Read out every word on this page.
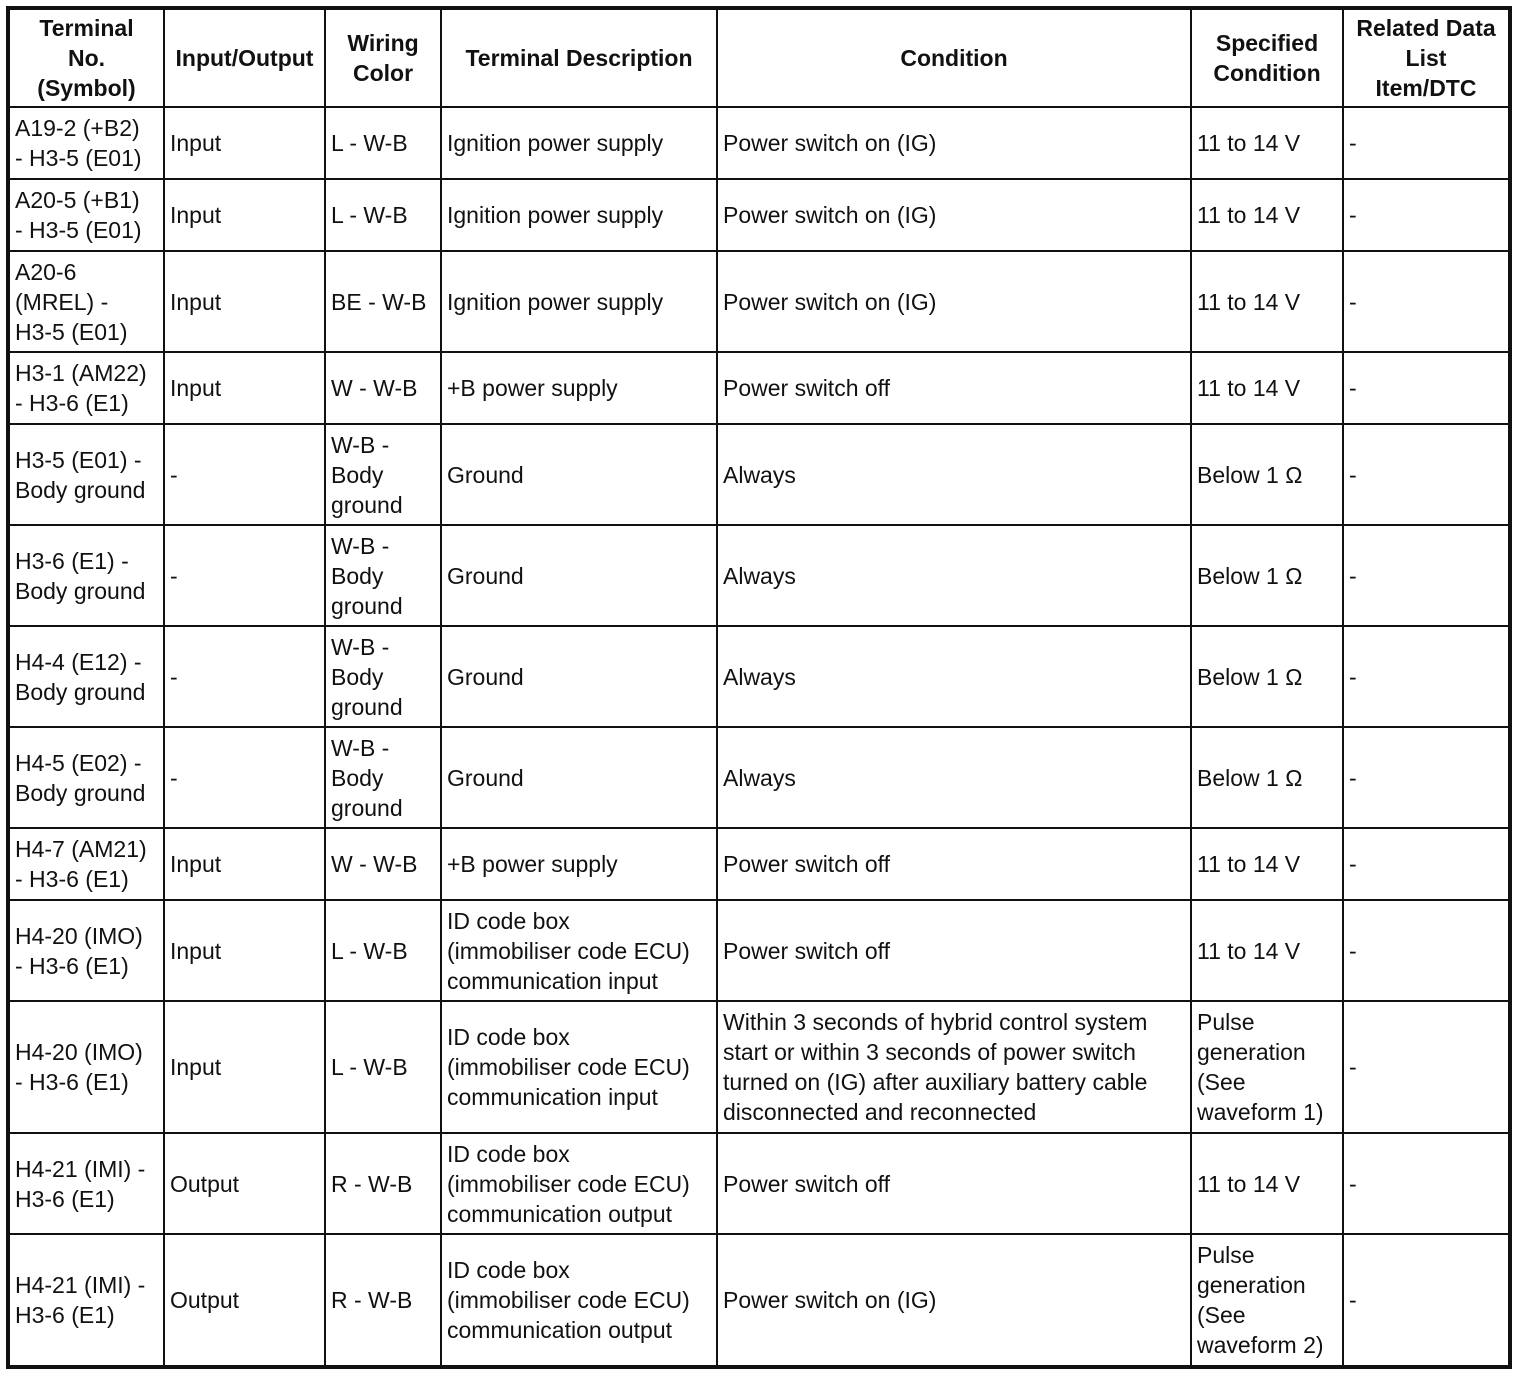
Terminal
No.
(Symbol)	Input/Output	Wiring
Color	Terminal Description	Condition	Specified
Condition	Related Data
List
Item/DTC
A19-2 (+B2)
- H3-5 (E01)	Input	L - W-B	Ignition power supply	Power switch on (IG)	11 to 14 V	-
A20-5 (+B1)
- H3-5 (E01)	Input	L - W-B	Ignition power supply	Power switch on (IG)	11 to 14 V	-
A20-6
(MREL) -
H3-5 (E01)	Input	BE - W-B	Ignition power supply	Power switch on (IG)	11 to 14 V	-
H3-1 (AM22)
- H3-6 (E1)	Input	W - W-B	+B power supply	Power switch off	11 to 14 V	-
H3-5 (E01) -
Body ground	-	W-B -
Body
ground	Ground	Always	Below 1 Ω	-
H3-6 (E1) -
Body ground	-	W-B -
Body
ground	Ground	Always	Below 1 Ω	-
H4-4 (E12) -
Body ground	-	W-B -
Body
ground	Ground	Always	Below 1 Ω	-
H4-5 (E02) -
Body ground	-	W-B -
Body
ground	Ground	Always	Below 1 Ω	-
H4-7 (AM21)
- H3-6 (E1)	Input	W - W-B	+B power supply	Power switch off	11 to 14 V	-
H4-20 (IMO)
- H3-6 (E1)	Input	L - W-B	ID code box
(immobiliser code ECU)
communication input	Power switch off	11 to 14 V	-
H4-20 (IMO)
- H3-6 (E1)	Input	L - W-B	ID code box
(immobiliser code ECU)
communication input	Within 3 seconds of hybrid control system
start or within 3 seconds of power switch
turned on (IG) after auxiliary battery cable
disconnected and reconnected	Pulse
generation
(See
waveform 1)	-
H4-21 (IMI) -
H3-6 (E1)	Output	R - W-B	ID code box
(immobiliser code ECU)
communication output	Power switch off	11 to 14 V	-
H4-21 (IMI) -
H3-6 (E1)	Output	R - W-B	ID code box
(immobiliser code ECU)
communication output	Power switch on (IG)	Pulse
generation
(See
waveform 2)	-
